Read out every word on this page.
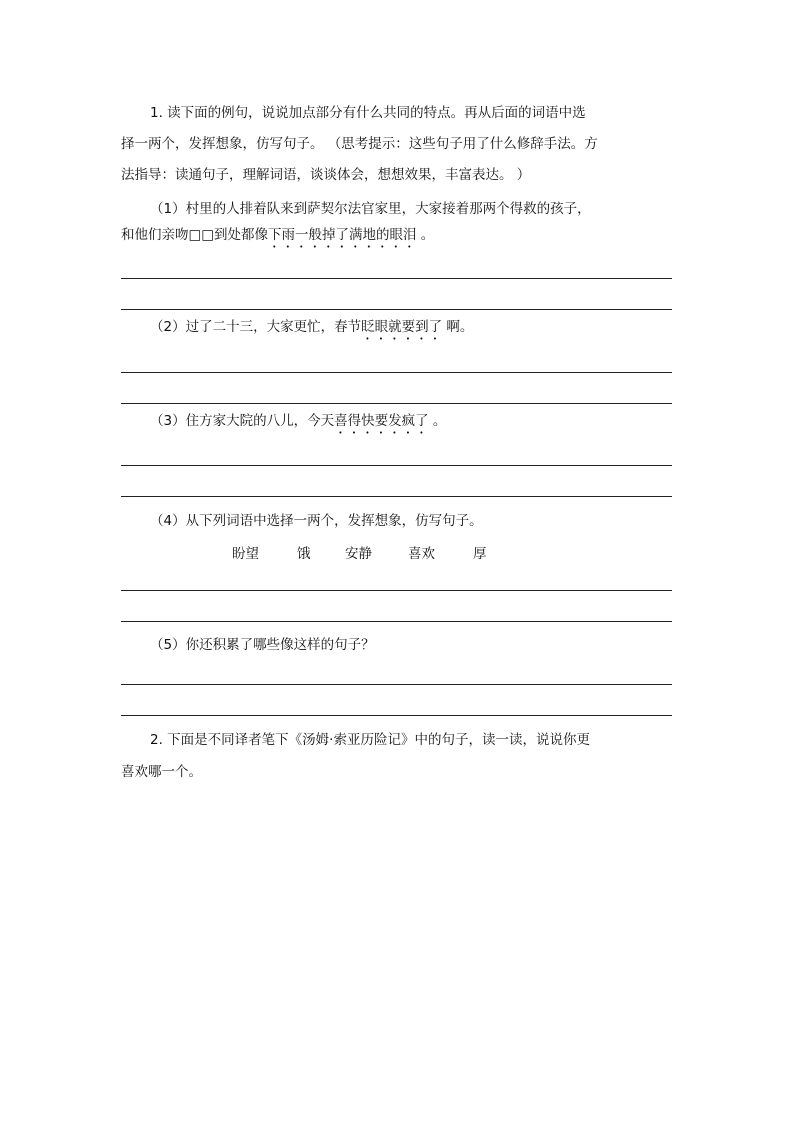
1. 读下面的例句，说说加点部分有什么共同的特点。再从后面的词语中选
择一两个，发挥想象，仿写句子。 （思考提示：这些句子用了什么修辞手法。方
法指导：读通句子，理解词语，谈谈体会，想想效果，丰富表达。 ）
（1）村里的人排着队来到萨契尔法官家里，大家接着那两个得救的孩子，
和他们亲吻□□到处都像下雨一般掉了满地的眼泪 。
（2）过了二十三，大家更忙，春节眨眼就要到了 啊。
（3）住方家大院的八儿，今天喜得快要发疯了 。
（4）从下列词语中选择一两个，发挥想象，仿写句子。
盼望	饿	安静	喜欢	厚
（5）你还积累了哪些像这样的句子？
2. 下面是不同译者笔下《汤姆·索亚历险记》中的句子，读一读，说说你更
喜欢哪一个。
